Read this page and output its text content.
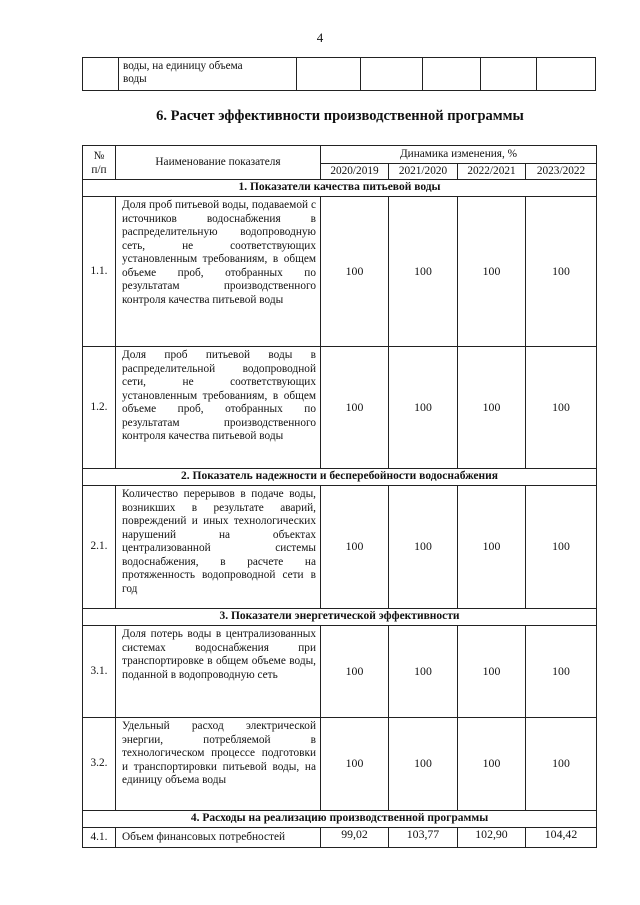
4

воды, на единицу объема
воды

6. Расчет эффективности производственной программы
№
п/п	Наименование показателя	Динамика изменения, %			
		2020/2019	2021/2020	2022/2021	2023/2022
1. Показатели качества питьевой воды					
1.1.	Доля проб питьевой воды, подаваемой с источников водоснабжения в распределительную водопроводную сеть, не соответствующих установленным требованиям, в общем объеме проб, отобранных по результатам производственного контроля качества питьевой воды	100	100	100	100
1.2.	Доля проб питьевой воды в распределительной водопроводной сети, не соответствующих установленным требованиям, в общем объеме проб, отобранных по результатам производственного контроля качества питьевой воды	100	100	100	100
2. Показатель надежности и бесперебойности водоснабжения					
2.1.	Количество перерывов в подаче воды, возникших в результате аварий, повреждений и иных технологических нарушений на объектах централизованной системы водоснабжения, в расчете на протяженность водопроводной сети в год	100	100	100	100
3. Показатели энергетической эффективности					
3.1.	Доля потерь воды в централизованных системах водоснабжения при транспортировке в общем объеме воды, поданной в водопроводную сеть	100	100	100	100
3.2.	Удельный расход электрической энергии, потребляемой в технологическом процессе подготовки и транспортировки питьевой воды, на единицу объема воды	100	100	100	100
4. Расходы на реализацию производственной программы					
4.1.	Объем финансовых потребностей	99,02	103,77	102,90	104,42
